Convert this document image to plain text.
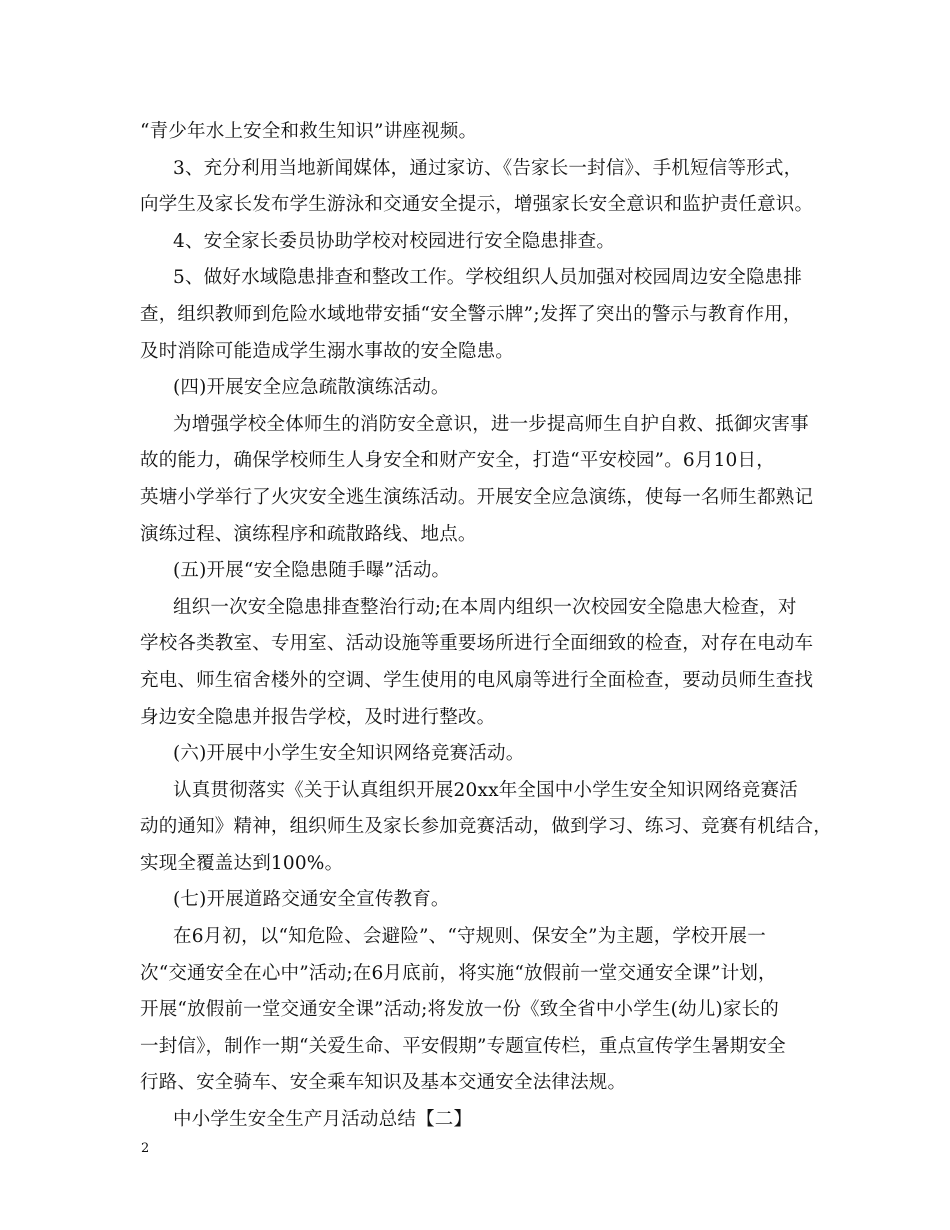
“青少年水上安全和救生知识”讲座视频。
3、充分利用当地新闻媒体，通过家访、《告家长一封信》、手机短信等形式，
向学生及家长发布学生游泳和交通安全提示，增强家长安全意识和监护责任意识。
4、安全家长委员协助学校对校园进行安全隐患排查。
5、做好水域隐患排查和整改工作。学校组织人员加强对校园周边安全隐患排
查，组织教师到危险水域地带安插“安全警示牌”;发挥了突出的警示与教育作用，
及时消除可能造成学生溺水事故的安全隐患。
(四)开展安全应急疏散演练活动。
为增强学校全体师生的消防安全意识，进一步提高师生自护自救、抵御灾害事
故的能力，确保学校师生人身安全和财产安全，打造“平安校园”。6月10日，
英塘小学举行了火灾安全逃生演练活动。开展安全应急演练，使每一名师生都熟记
演练过程、演练程序和疏散路线、地点。
(五)开展“安全隐患随手曝”活动。
组织一次安全隐患排查整治行动;在本周内组织一次校园安全隐患大检查，对
学校各类教室、专用室、活动设施等重要场所进行全面细致的检查，对存在电动车
充电、师生宿舍楼外的空调、学生使用的电风扇等进行全面检查，要动员师生查找
身边安全隐患并报告学校，及时进行整改。
(六)开展中小学生安全知识网络竞赛活动。
认真贯彻落实《关于认真组织开展20xx年全国中小学生安全知识网络竞赛活
动的通知》精神，组织师生及家长参加竞赛活动，做到学习、练习、竞赛有机结合，
实现全覆盖达到100%。
(七)开展道路交通安全宣传教育。
在6月初，以“知危险、会避险”、“守规则、保安全”为主题，学校开展一
次“交通安全在心中”活动;在6月底前，将实施“放假前一堂交通安全课”计划，
开展“放假前一堂交通安全课”活动;将发放一份《致全省中小学生(幼儿)家长的
一封信》，制作一期“关爱生命、平安假期”专题宣传栏，重点宣传学生暑期安全
行路、安全骑车、安全乘车知识及基本交通安全法律法规。
中小学生安全生产月活动总结【二】
2
